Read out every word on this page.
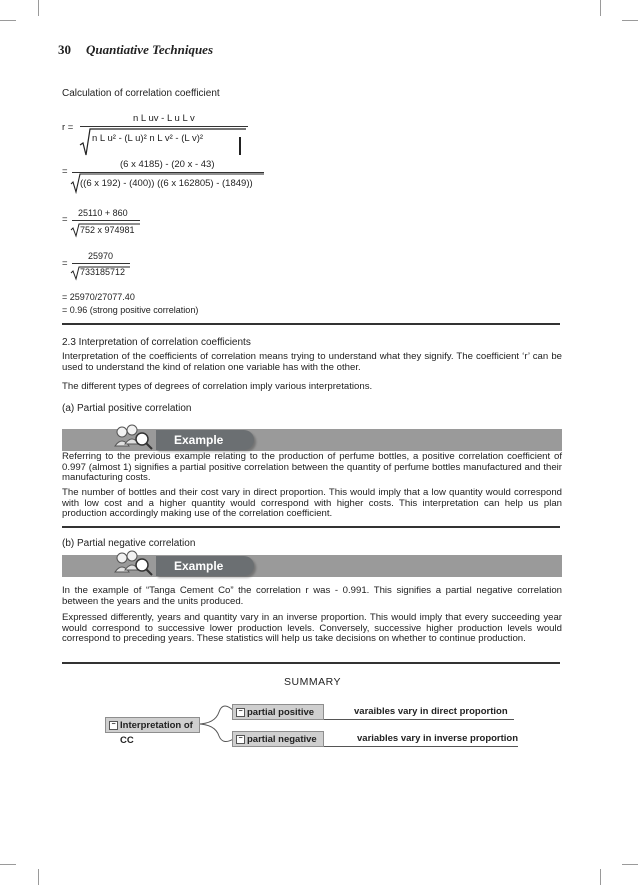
30 Quantiative Techniques
Calculation of correlation coefficient
n L uv - L u L v
r =
n L u² - (L u)² n L v² - (L v)²
(6 x 4185) - (20 x - 43)
=
((6 x 192) - (400)) ((6 x 162805) - (1849))
25110 + 860
=
752 x 974981
25970
=
733185712
= 25970/27077.40
= 0.96 (strong positive correlation)
2.3 Interpretation of correlation coefficients
Interpretation of the coefficients of correlation means trying to understand what they signify. The coefficient ‘r’ can be used to understand the kind of relation one variable has with the other.
The different types of degrees of correlation imply various interpretations.
(a) Partial positive correlation
Example
Referring to the previous example relating to the production of perfume bottles, a positive correlation coefficient of 0.997 (almost 1) signifies a partial positive correlation between the quantity of perfume bottles manufactured and their manufacturing costs.
The number of bottles and their cost vary in direct proportion. This would imply that a low quantity would correspond with low cost and a higher quantity would correspond with higher costs. This interpretation can help us plan production accordingly making use of the correlation coefficient.
(b) Partial negative correlation
Example
In the example of “Tanga Cement Co” the correlation r was - 0.991. This signifies a partial negative correlation between the years and the units produced.
Expressed differently, years and quantity vary in an inverse proportion. This would imply that every succeeding year would correspond to successive lower production levels. Conversely, successive higher production levels would correspond to preceding years. These statistics will help us take decisions on whether to continue production.
SUMMARY
− Interpretation of CC
− partial positive
− partial negative
varaibles vary in direct proportion
variables vary in inverse proportion
